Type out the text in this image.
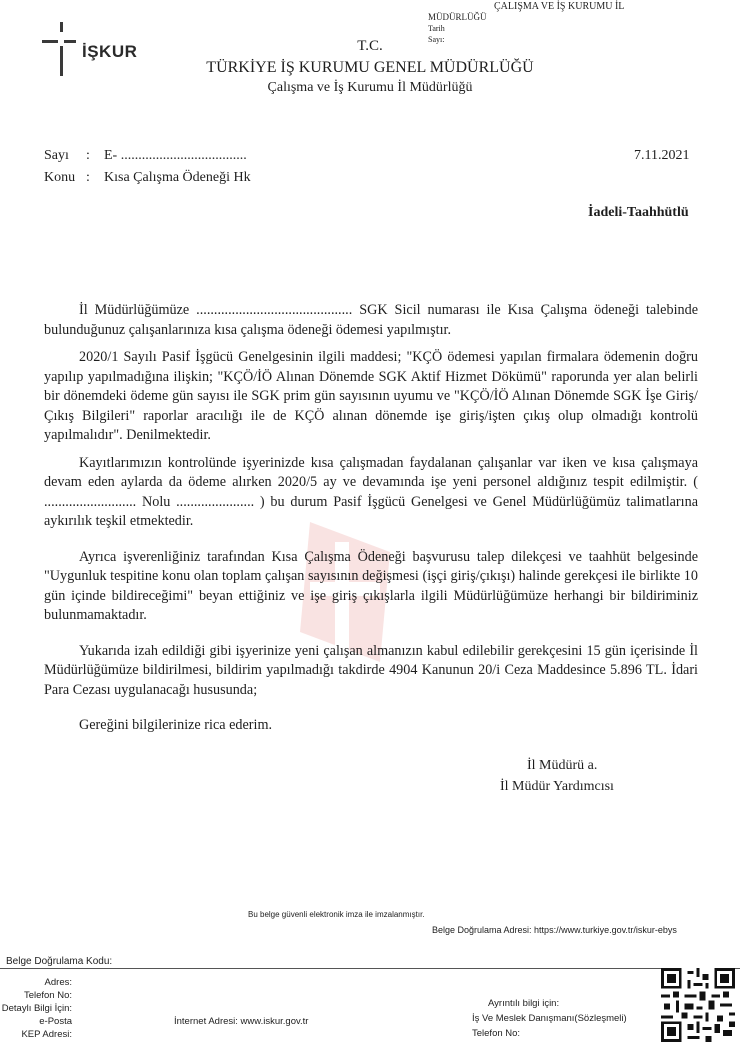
İŞKUR
ÇALIŞMA VE İŞ KURUMU İL
MÜDÜRLÜĞÜ
Tarih
Sayı:
T.C.
TÜRKİYE İŞ KURUMU GENEL MÜDÜRLÜĞÜ
Çalışma ve İş Kurumu İl Müdürlüğü
Sayı : E- ....................................
Konu : Kısa Çalışma Ödeneği Hk
7.11.2021
İadeli-Taahhütlü

İl Müdürlüğümüze ............................................ SGK Sicil numarası ile Kısa Çalışma ödeneği talebinde bulunduğunuz çalışanlarınıza kısa çalışma ödeneği ödemesi yapılmıştır.

2020/1 Sayılı Pasif İşgücü Genelgesinin ilgili maddesi; "KÇÖ ödemesi yapılan firmalara ödemenin doğru yapılıp yapılmadığına ilişkin; "KÇÖ/İÖ Alınan Dönemde SGK Aktif Hizmet Dökümü" raporunda yer alan belirli bir dönemdeki ödeme gün sayısı ile SGK prim gün sayısının uyumu ve "KÇÖ/İÖ Alınan Dönemde SGK İşe Giriş/Çıkış Bilgileri" raporlar aracılığı ile de KÇÖ alınan dönemde işe giriş/işten çıkış olup olmadığı kontrolü yapılmalıdır". Denilmektedir.

Kayıtlarımızın kontrolünde işyerinizde kısa çalışmadan faydalanan çalışanlar var iken ve kısa çalışmaya devam eden aylarda da ödeme alırken 2020/5 ay ve devamında işe yeni personel aldığınız tespit edilmiştir. ( .......................... Nolu ...................... ) bu durum Pasif İşgücü Genelgesi ve Genel Müdürlüğümüz talimatlarına aykırılık teşkil etmektedir.

Ayrıca işverenliğiniz tarafından Kısa Çalışma Ödeneği başvurusu talep dilekçesi ve taahhüt belgesinde "Uygunluk tespitine konu olan toplam çalışan sayısının değişmesi (işçi giriş/çıkışı) halinde gerekçesi ile birlikte 10 gün içinde bildireceğimi" beyan ettiğiniz ve işe giriş çıkışlarla ilgili Müdürlüğümüze herhangi bir bildiriminiz bulunmamaktadır.

Yukarıda izah edildiği gibi işyerinize yeni çalışan almanızın kabul edilebilir gerekçesini 15 gün içerisinde İl Müdürlüğümüze bildirilmesi, bildirim yapılmadığı takdirde 4904 Kanunun 20/i Ceza Maddesince 5.896 TL. İdari Para Cezası uygulanacağı hususunda;

Gereğini bilgilerinize rica ederim.

İl Müdürü a.
İl Müdür Yardımcısı
Bu belge güvenli elektronik imza ile imzalanmıştır.
Belge Doğrulama Adresi: https://www.turkiye.gov.tr/iskur-ebys
Belge Doğrulama Kodu:
Adres:
Telefon No:
Detaylı Bilgi İçin:
e-Posta
KEP Adresi:
İnternet Adresi: www.iskur.gov.tr
Ayrıntılı bilgi için:
İş Ve Meslek Danışmanı(Sözleşmeli)
Telefon No:
